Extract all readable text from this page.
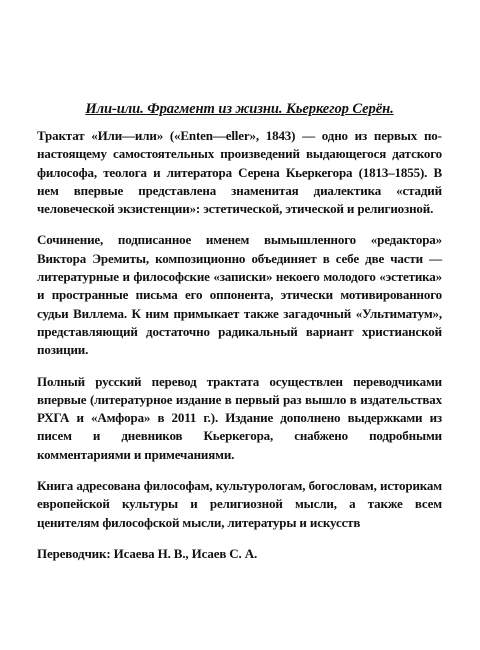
Или-или. Фрагмент из жизни. Кьеркегор Серён.

Трактат «Или—или» («Enten—eller», 1843) — одно из первых понастоящему самостоятельных произведений выдающегося датского философа, теолога и литератора Серена Кьеркегора (1813–1855). В нем впервые представлена знаменитая диалектика «стадий человеческой экзистенции»: эстетической, этической и религиозной.

Сочинение, подписанное именем вымышленного «редактора» Виктора Эремиты, композиционно объединяет в себе две части — литературные и философские «записки» некоего молодого «эстетика» и пространные письма его оппонента, этически мотивированного судьи Виллема. К ним примыкает также загадочный «Ультиматум», представляющий достаточно радикальный вариант христианской позиции.

Полный русский перевод трактата осуществлен переводчиками впервые (литературное издание в первый раз вышло в издательствах РХГА и «Амфора» в 2011 г.). Издание дополнено выдержками из писем и дневников Кьеркегора, снабжено подробными комментариями и примечаниями.

Книга адресована философам, культурологам, богословам, историкам европейской культуры и религиозной мысли, а также всем ценителям философской мысли, литературы и искусств

Переводчик: Исаева Н. В., Исаев С. А.
